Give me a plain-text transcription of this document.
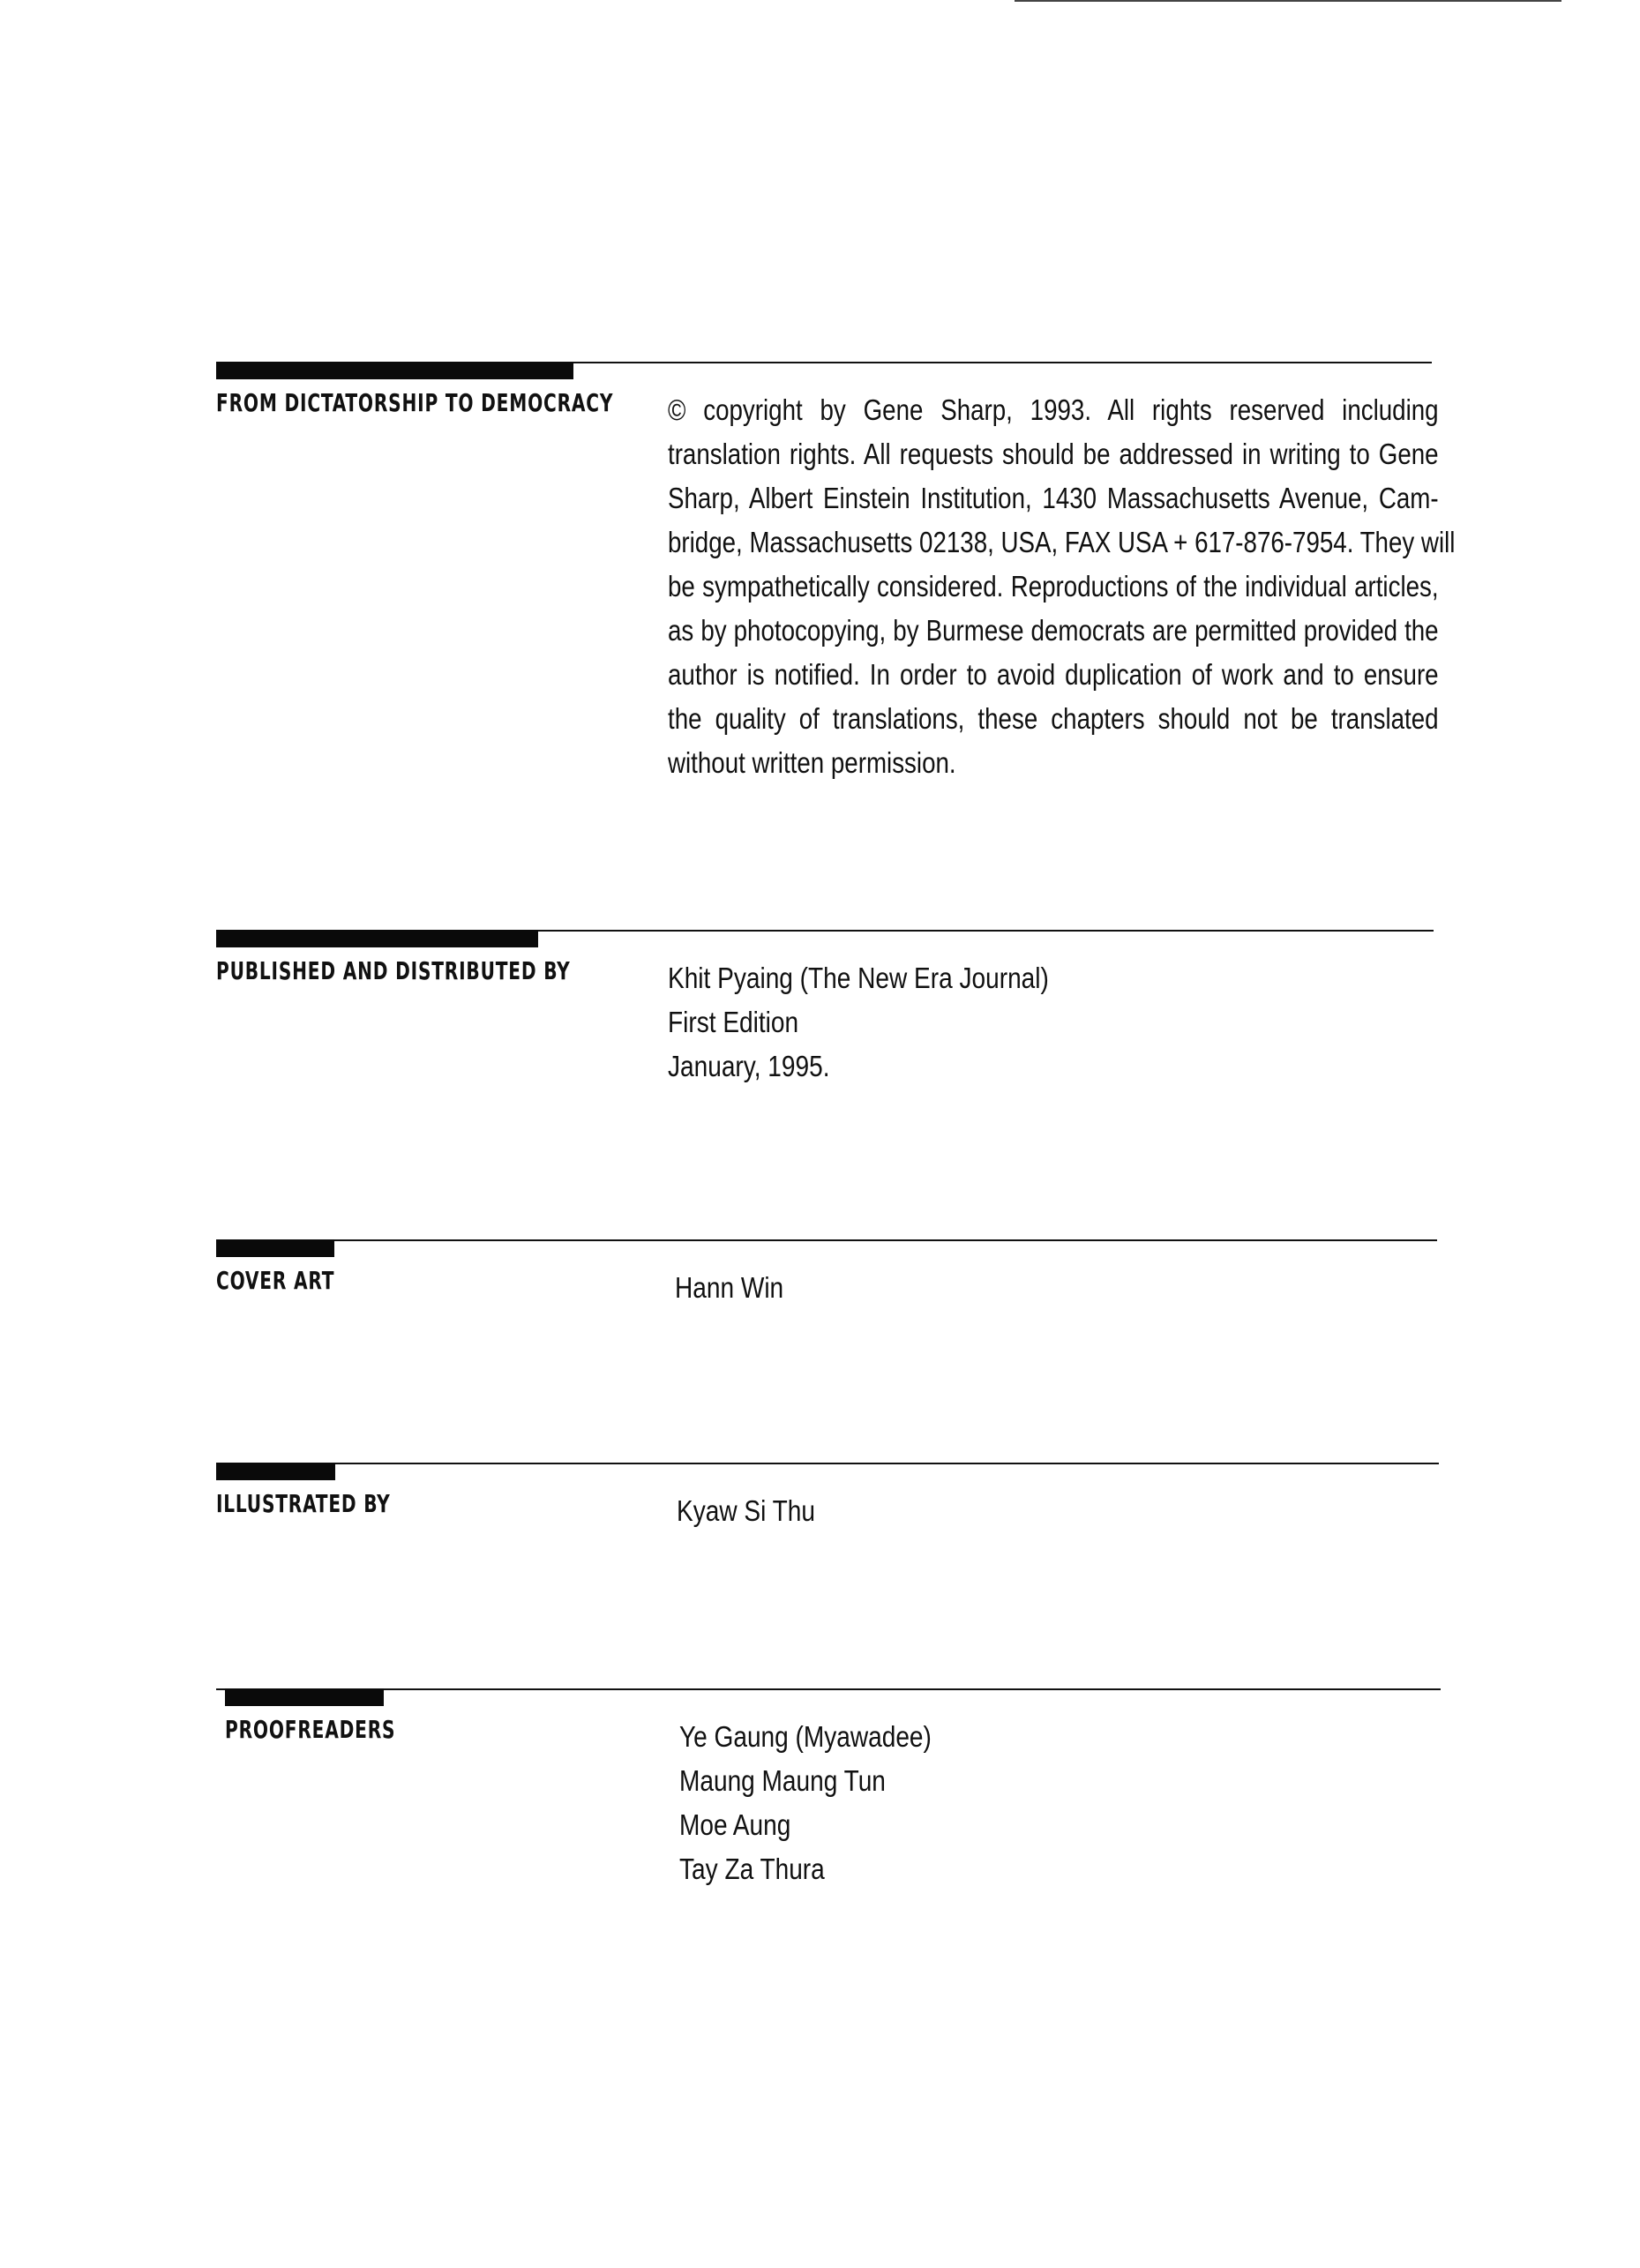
FROM DICTATORSHIP TO DEMOCRACY © copyright by Gene Sharp, 1993. All rights reserved including
translation rights. All requests should be addressed in writing to Gene
Sharp, Albert Einstein Institution, 1430 Massachusetts Avenue, Cam-
bridge, Massachusetts 02138, USA, FAX USA + 617-876-7954. They will
be sympathetically considered. Reproductions of the individual articles,
as by photocopying, by Burmese democrats are permitted provided the
author is notified. In order to avoid duplication of work and to ensure
the quality of translations, these chapters should not be translated
without written permission.
PUBLISHED AND DISTRIBUTED BY	Khit Pyaing (The New Era Journal)
First Edition
January, 1995.
COVER ART	Hann Win
ILLUSTRATED BY	Kyaw Si Thu
PROOFREADERS	Ye Gaung (Myawadee)
Maung Maung Tun
Moe Aung
Tay Za Thura
